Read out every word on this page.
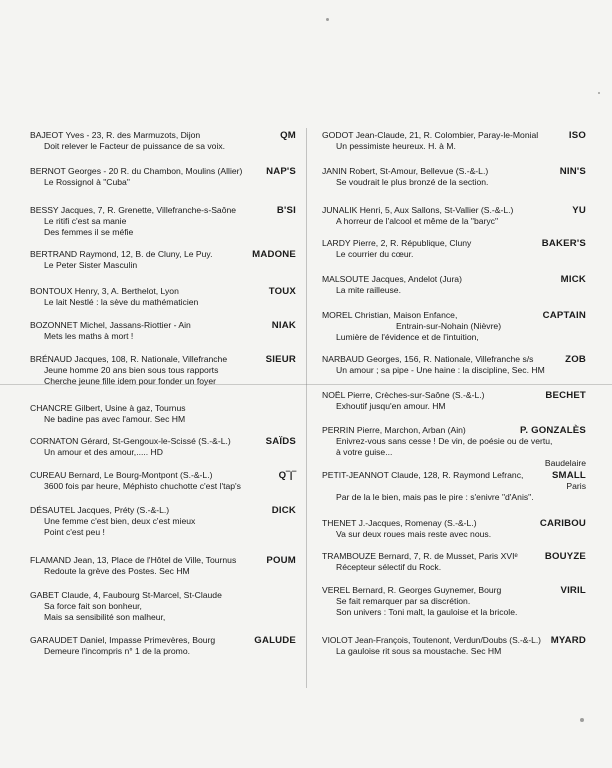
BAJEOT Yves - 23, R. des Marmuzots, Dijon	QM
Doit relever le Facteur de puissance de sa voix.
BERNOT Georges - 20 R. du Chambon, Moulins (Allier) NAP'S
Le Rossignol à "Cuba"
BESSY Jacques, 7, R. Grenette, Villefranche-s-Saône	B'SI
Le ritifi c'est sa manie
Des femmes il se méfie
BERTRAND Raymond, 12, B. de Cluny, Le Puy.	MADONE
Le Peter Sister Masculin
BONTOUX Henry, 3, A. Berthelot, Lyon	TOUX
Le lait Nestlé : la sève du mathématicien
BOZONNET Michel, Jassans-Riottier - Ain	NIAK
Mets les maths à mort !
BRÉNAUD Jacques, 108, R. Nationale, Villefranche	SIEUR
Jeune homme 20 ans bien sous tous rapports
Cherche jeune fille idem pour fonder un foyer
CHANCRE Gilbert, Usine à gaz, Tournus
Ne badine pas avec l'amour. Sec HM
CORNATON Gérard, St-Gengoux-le-Scissé (S.-&-L.)	SAÏDS
Un amour et des amour,..... HD
CUREAU Bernard, Le Bourg-Montpont (S.-&-L.)	Q‾|‾
3600 fois par heure, Méphisto chuchotte c'est l'tap's
DÉSAUTEL Jacques, Préty (S.-&-L.)	DICK
Une femme c'est bien, deux c'est mieux
Point c'est peu !
FLAMAND Jean, 13, Place de l'Hôtel de Ville, Tournus	POUM
Redoute la grève des Postes. Sec HM
GABET Claude, 4, Faubourg St-Marcel, St-Claude
Sa force fait son bonheur,
Mais sa sensibilité son malheur,
GARAUDET Daniel, Impasse Primevères, Bourg	GALUDE
Demeure l'incompris n° 1 de la promo.
GODOT Jean-Claude, 21, R. Colombier, Paray-le-Monial	ISO
Un pessimiste heureux. H. à M.
JANIN Robert, St-Amour, Bellevue (S.-&-L.)	NIN'S
Se voudrait le plus bronzé de la section.
JUNALIK Henri, 5, Aux Sallons, St-Vallier (S.-&-L.)	YU
A horreur de l'alcool et même de la "baryc"
LARDY Pierre, 2, R. République, Cluny	BAKER'S
Le courrier du cœur.
MALSOUTE Jacques, Andelot (Jura)	MICK
La mite railleuse.
MOREL Christian, Maison Enfance,	CAPTAIN
Entrain-sur-Nohain (Nièvre)
Lumière de l'évidence et de l'intuition,
NARBAUD Georges, 156, R. Nationale, Villefranche s/s	ZOB
Un amour ; sa pipe - Une haine : la discipline, Sec. HM
NOËL Pierre, Crèches-sur-Saône (S.-&-L.)	BECHET
Exhoutif jusqu'en amour. HM
PERRIN Pierre, Marchon, Arban (Ain)	P. GONZALÈS
Enivrez-vous sans cesse ! De vin, de poésie ou de vertu,
à votre guise...
Baudelaire
PETIT-JEANNOT Claude, 128, R. Raymond Lefranc,	SMALL
Paris
Par de la le bien, mais pas le pire : s'enivre "d'Anis".
THENET J.-Jacques, Romenay (S.-&-L.)	CARIBOU
Va sur deux roues mais reste avec nous.
TRAMBOUZE Bernard, 7, R. de Musset, Paris XVIᵉ	BOUYZE
Récepteur sélectif du Rock.
VEREL Bernard, R. Georges Guynemer, Bourg	VIRIL
Se fait remarquer par sa discrétion.
Son univers : Toni malt, la gauloise et la bricole.
VIOLOT Jean-François, Toutenont, Verdun/Doubs (S.-&-L.) MYARD
La gauloise rit sous sa moustache. Sec HM
